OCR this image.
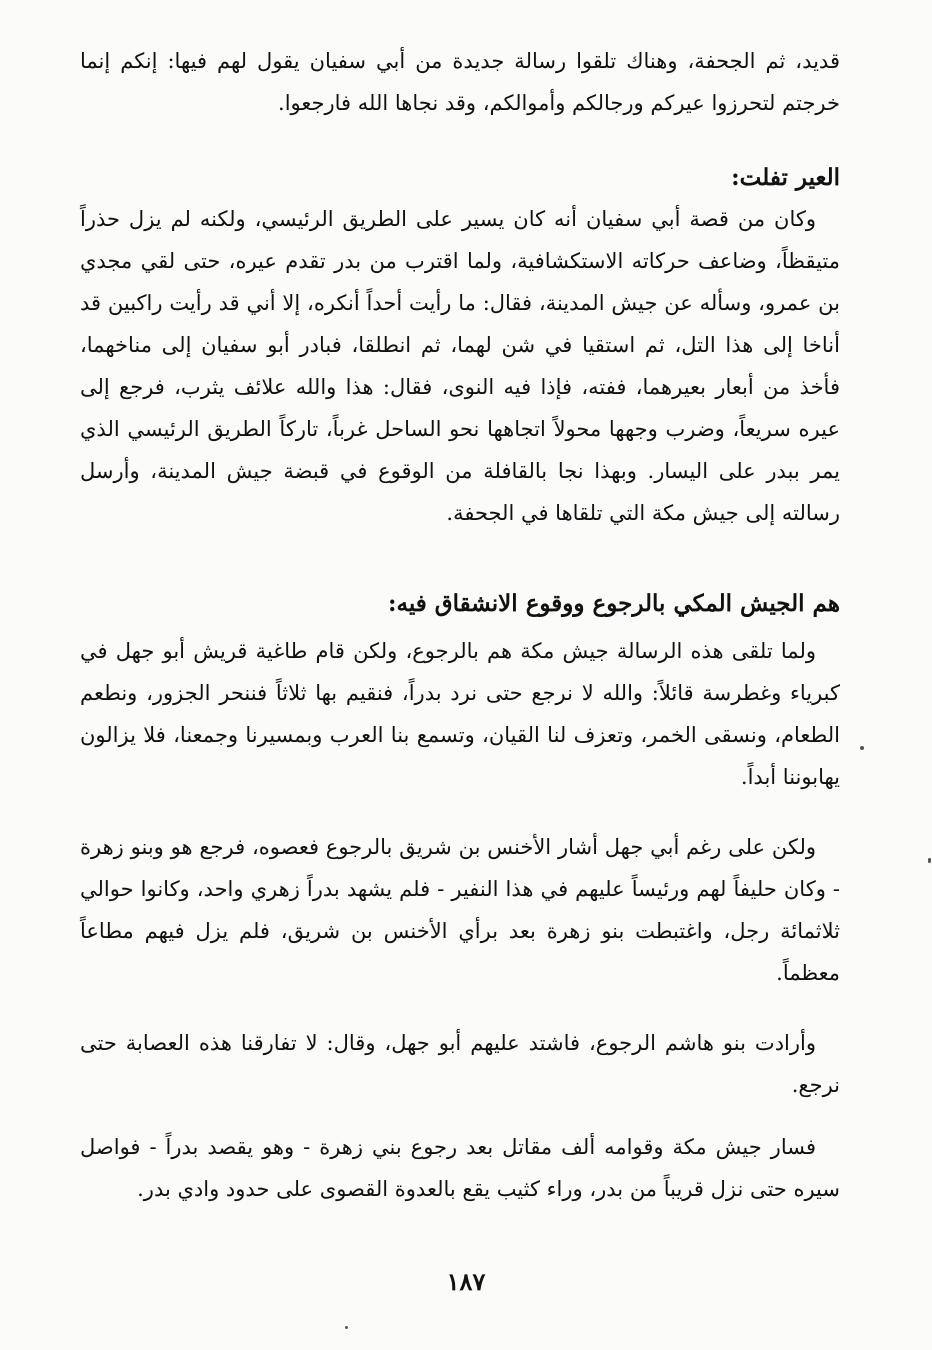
قديد، ثم الجحفة، وهناك تلقوا رسالة جديدة من أبي سفيان يقول لهم فيها: إنكم إنما خرجتم لتحرزوا عيركم ورجالكم وأموالكم، وقد نجاها الله فارجعوا.

العير تفلت:

وكان من قصة أبي سفيان أنه كان يسير على الطريق الرئيسي، ولكنه لم يزل حذراً متيقظاً، وضاعف حركاته الاستكشافية، ولما اقترب من بدر تقدم عيره، حتى لقي مجدي بن عمرو، وسأله عن جيش المدينة، فقال: ما رأيت أحداً أنكره، إلا أني قد رأيت راكبين قد أناخا إلى هذا التل، ثم استقيا في شن لهما، ثم انطلقا، فبادر أبو سفيان إلى مناخهما، فأخذ من أبعار بعيرهما، ففته، فإذا فيه النوى، فقال: هذا والله علائف يثرب، فرجع إلى عيره سريعاً، وضرب وجهها محولاً اتجاهها نحو الساحل غرباً، تاركاً الطريق الرئيسي الذي يمر ببدر على اليسار. وبهذا نجا بالقافلة من الوقوع في قبضة جيش المدينة، وأرسل رسالته إلى جيش مكة التي تلقاها في الجحفة.

هم الجيش المكي بالرجوع ووقوع الانشقاق فيه:

ولما تلقى هذه الرسالة جيش مكة هم بالرجوع، ولكن قام طاغية قريش أبو جهل في كبرياء وغطرسة قائلاً: والله لا نرجع حتى نرد بدراً، فنقيم بها ثلاثاً فننحر الجزور، ونطعم الطعام، ونسقى الخمر، وتعزف لنا القيان، وتسمع بنا العرب وبمسيرنا وجمعنا، فلا يزالون يهابوننا أبداً.

ولكن على رغم أبي جهل أشار الأخنس بن شريق بالرجوع فعصوه، فرجع هو وبنو زهرة - وكان حليفاً لهم ورئيساً عليهم في هذا النفير - فلم يشهد بدراً زهري واحد، وكانوا حوالي ثلاثمائة رجل، واغتبطت بنو زهرة بعد برأي الأخنس بن شريق، فلم يزل فيهم مطاعاً معظماً.

وأرادت بنو هاشم الرجوع، فاشتد عليهم أبو جهل، وقال: لا تفارقنا هذه العصابة حتى نرجع.

فسار جيش مكة وقوامه ألف مقاتل بعد رجوع بني زهرة - وهو يقصد بدراً - فواصل سيره حتى نزل قريباً من بدر، وراء كثيب يقع بالعدوة القصوى على حدود وادي بدر.

١٨٧
